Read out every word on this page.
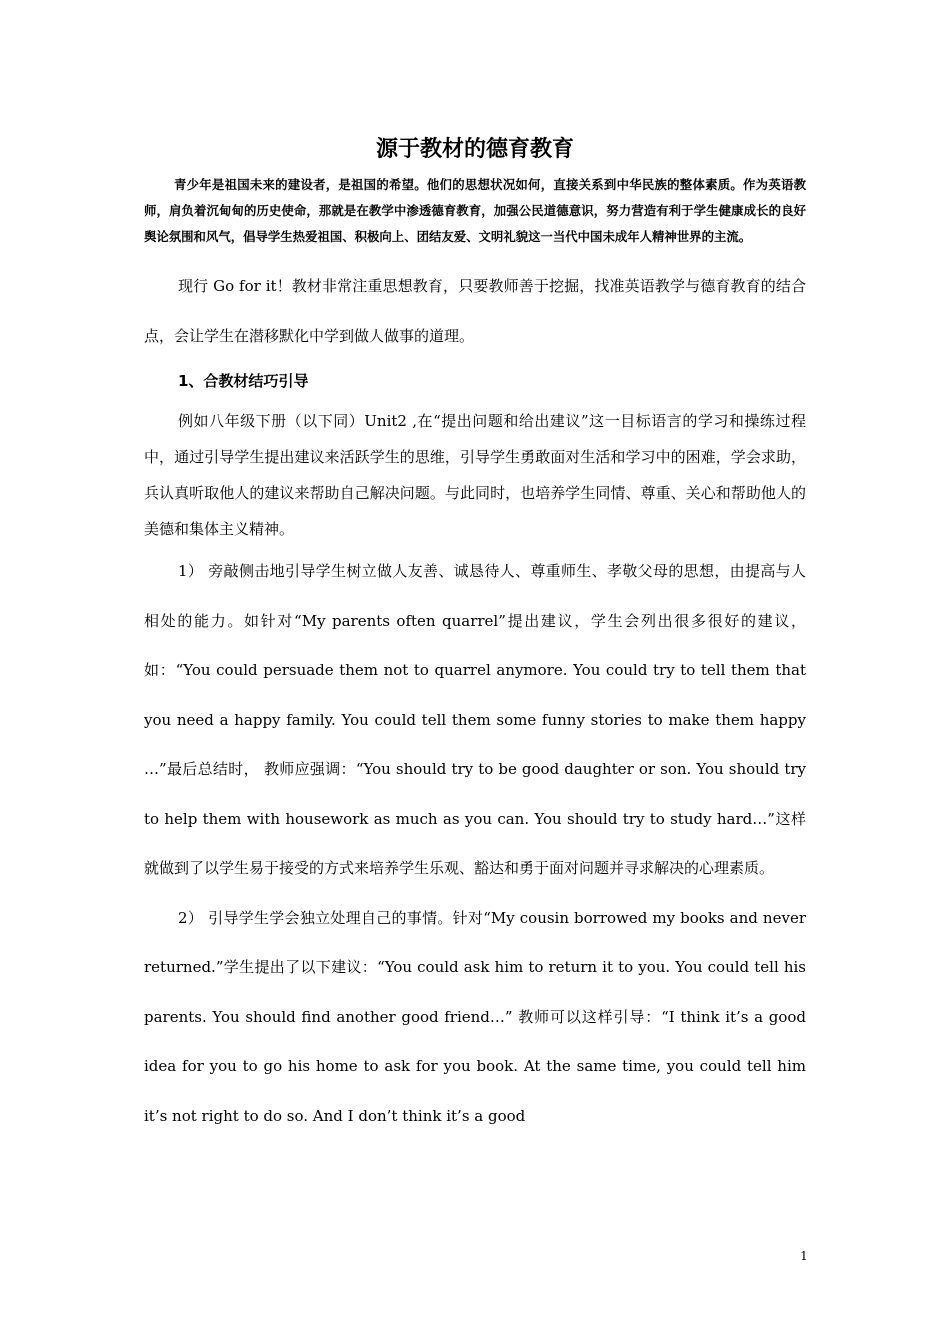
源于教材的德育教育

青少年是祖国未来的建设者，是祖国的希望。他们的思想状况如何，直接关系到中华民族的整体素质。作为英语教师，肩负着沉甸甸的历史使命，那就是在教学中渗透德育教育，加强公民道德意识，努力营造有利于学生健康成长的良好舆论氛围和风气，倡导学生热爱祖国、积极向上、团结友爱、文明礼貌这一当代中国未成年人精神世界的主流。

现行 Go for it！教材非常注重思想教育，只要教师善于挖掘，找准英语教学与德育教育的结合点，会让学生在潜移默化中学到做人做事的道理。

1、合教材结巧引导

例如八年级下册（以下同）Unit2 ,在“提出问题和给出建议”这一目标语言的学习和操练过程中，通过引导学生提出建议来活跃学生的思维，引导学生勇敢面对生活和学习中的困难，学会求助，兵认真听取他人的建议来帮助自己解决问题。与此同时，也培养学生同情、尊重、关心和帮助他人的美德和集体主义精神。

1） 旁敲侧击地引导学生树立做人友善、诚恳待人、尊重师生、孝敬父母的思想，由提高与人相处的能力。如针对“My parents often quarrel”提出建议，学生会列出很多很好的建议，如：“You could persuade them not to quarrel anymore. You could try to tell them that you need a happy family. You could tell them some funny stories to make them happy …”最后总结时， 教师应强调：“You should try to be good daughter or son. You should try to help them with housework as much as you can. You should try to study hard…”这样就做到了以学生易于接受的方式来培养学生乐观、豁达和勇于面对问题并寻求解决的心理素质。

2） 引导学生学会独立处理自己的事情。针对“My cousin borrowed my books and never returned.”学生提出了以下建议：“You could ask him to return it to you. You could tell his parents. You should find another good friend…” 教师可以这样引导：“I think it’s a good idea for you to go his home to ask for you book. At the same time, you could tell him it’s not right to do so. And I don’t think it’s a good

1
